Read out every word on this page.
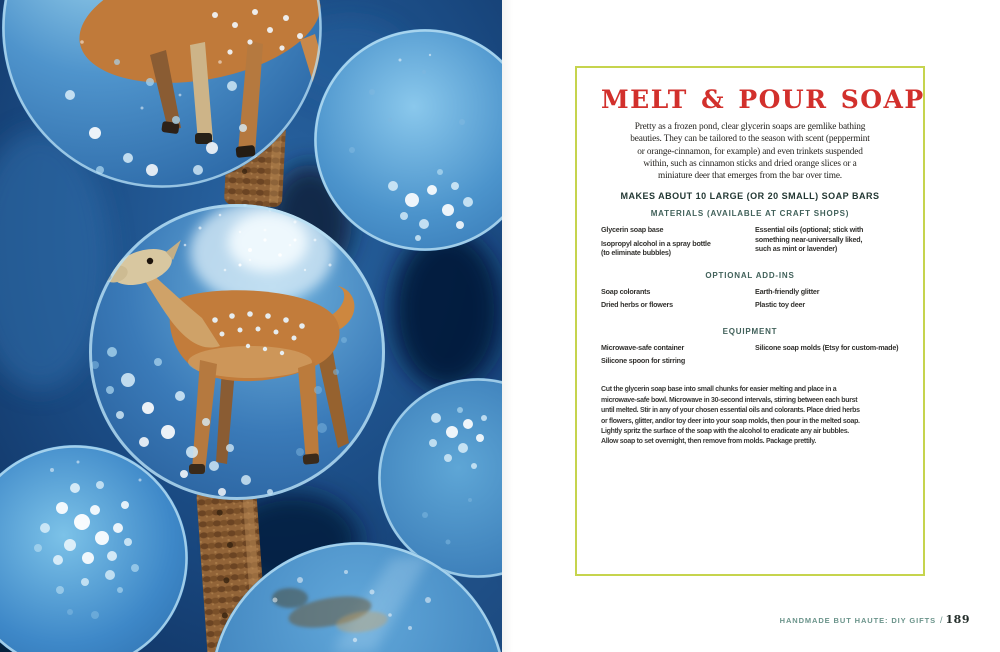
MELT & POUR SOAP
Pretty as a frozen pond, clear glycerin soaps are gemlike bathing
beauties. They can be tailored to the season with scent (peppermint
or orange-cinnamon, for example) and even trinkets suspended
within, such as cinnamon sticks and dried orange slices or a
miniature deer that emerges from the bar over time.
MAKES ABOUT 10 LARGE (OR 20 SMALL) SOAP BARS
MATERIALS (AVAILABLE AT CRAFT SHOPS)
Glycerin soap base
Isopropyl alcohol in a spray bottle
(to eliminate bubbles)
Essential oils (optional; stick with
something near-universally liked,
such as mint or lavender)
OPTIONAL ADD-INS
Soap colorants
Dried herbs or flowers
Earth-friendly glitter
Plastic toy deer
EQUIPMENT
Microwave-safe container
Silicone spoon for stirring
Silicone soap molds (Etsy for custom-made)
Cut the glycerin soap base into small chunks for easier melting and place in a
microwave-safe bowl. Microwave in 30-second intervals, stirring between each burst
until melted. Stir in any of your chosen essential oils and colorants. Place dried herbs
or flowers, glitter, and/or toy deer into your soap molds, then pour in the melted soap.
Lightly spritz the surface of the soap with the alcohol to eradicate any air bubbles.
Allow soap to set overnight, then remove from molds. Package prettily.
HANDMADE BUT HAUTE: DIY GIFTS / 189
